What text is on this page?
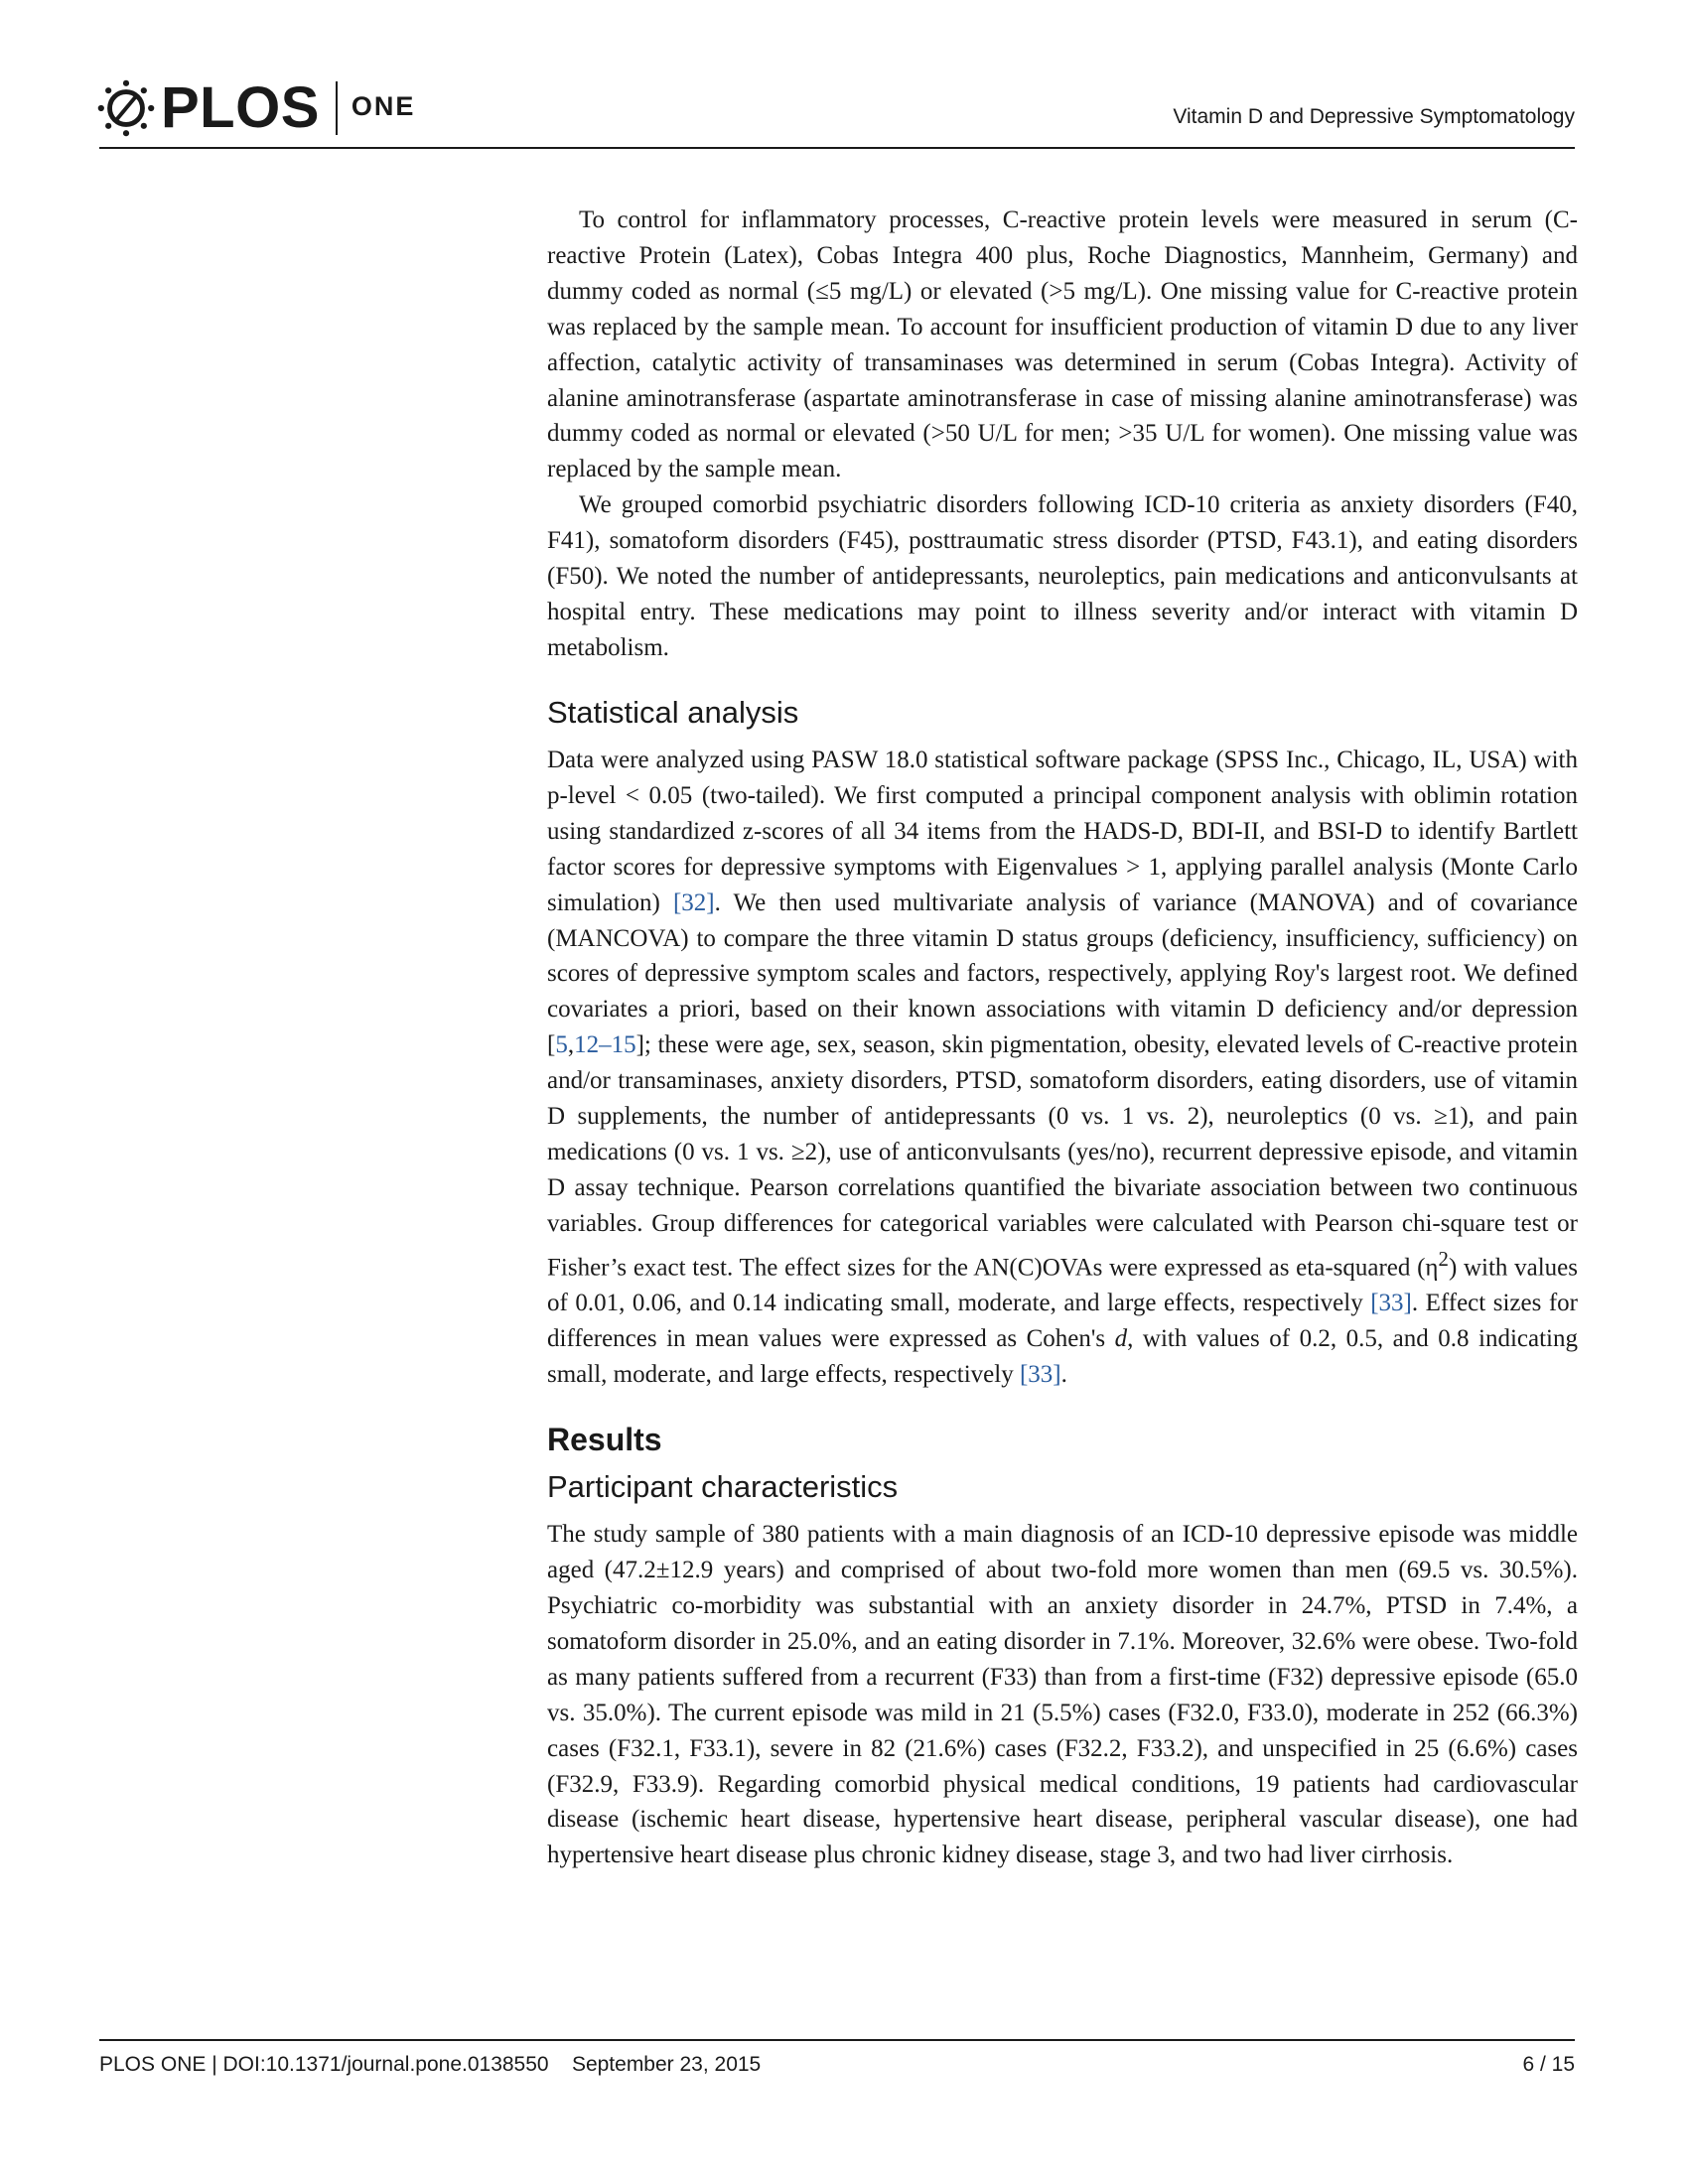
PLOS ONE	Vitamin D and Depressive Symptomatology

To control for inflammatory processes, C-reactive protein levels were measured in serum (C-reactive Protein (Latex), Cobas Integra 400 plus, Roche Diagnostics, Mannheim, Germany) and dummy coded as normal (≤5 mg/L) or elevated (>5 mg/L). One missing value for C-reactive protein was replaced by the sample mean. To account for insufficient production of vitamin D due to any liver affection, catalytic activity of transaminases was determined in serum (Cobas Integra). Activity of alanine aminotransferase (aspartate aminotransferase in case of missing alanine aminotransferase) was dummy coded as normal or elevated (>50 U/L for men; >35 U/L for women). One missing value was replaced by the sample mean.

We grouped comorbid psychiatric disorders following ICD-10 criteria as anxiety disorders (F40, F41), somatoform disorders (F45), posttraumatic stress disorder (PTSD, F43.1), and eating disorders (F50). We noted the number of antidepressants, neuroleptics, pain medications and anticonvulsants at hospital entry. These medications may point to illness severity and/or interact with vitamin D metabolism.

Statistical analysis

Data were analyzed using PASW 18.0 statistical software package (SPSS Inc., Chicago, IL, USA) with p-level < 0.05 (two-tailed). We first computed a principal component analysis with oblimin rotation using standardized z-scores of all 34 items from the HADS-D, BDI-II, and BSI-D to identify Bartlett factor scores for depressive symptoms with Eigenvalues > 1, applying parallel analysis (Monte Carlo simulation) [32]. We then used multivariate analysis of variance (MANOVA) and of covariance (MANCOVA) to compare the three vitamin D status groups (deficiency, insufficiency, sufficiency) on scores of depressive symptom scales and factors, respectively, applying Roy's largest root. We defined covariates a priori, based on their known associations with vitamin D deficiency and/or depression [5,12–15]; these were age, sex, season, skin pigmentation, obesity, elevated levels of C-reactive protein and/or transaminases, anxiety disorders, PTSD, somatoform disorders, eating disorders, use of vitamin D supplements, the number of antidepressants (0 vs. 1 vs. 2), neuroleptics (0 vs. ≥1), and pain medications (0 vs. 1 vs. ≥2), use of anticonvulsants (yes/no), recurrent depressive episode, and vitamin D assay technique. Pearson correlations quantified the bivariate association between two continuous variables. Group differences for categorical variables were calculated with Pearson chi-square test or Fisher’s exact test. The effect sizes for the AN(C)OVAs were expressed as eta-squared $(\eta^2)$ with values of 0.01, 0.06, and 0.14 indicating small, moderate, and large effects, respectively [33]. Effect sizes for differences in mean values were expressed as Cohen's d, with values of 0.2, 0.5, and 0.8 indicating small, moderate, and large effects, respectively [33].

Results
Participant characteristics

The study sample of 380 patients with a main diagnosis of an ICD-10 depressive episode was middle aged (47.2±12.9 years) and comprised of about two-fold more women than men (69.5 vs. 30.5%). Psychiatric co-morbidity was substantial with an anxiety disorder in 24.7%, PTSD in 7.4%, a somatoform disorder in 25.0%, and an eating disorder in 7.1%. Moreover, 32.6% were obese. Two-fold as many patients suffered from a recurrent (F33) than from a first-time (F32) depressive episode (65.0 vs. 35.0%). The current episode was mild in 21 (5.5%) cases (F32.0, F33.0), moderate in 252 (66.3%) cases (F32.1, F33.1), severe in 82 (21.6%) cases (F32.2, F33.2), and unspecified in 25 (6.6%) cases (F32.9, F33.9). Regarding comorbid physical medical conditions, 19 patients had cardiovascular disease (ischemic heart disease, hypertensive heart disease, peripheral vascular disease), one had hypertensive heart disease plus chronic kidney disease, stage 3, and two had liver cirrhosis.

PLOS ONE | DOI:10.1371/journal.pone.0138550 September 23, 2015	6 / 15
